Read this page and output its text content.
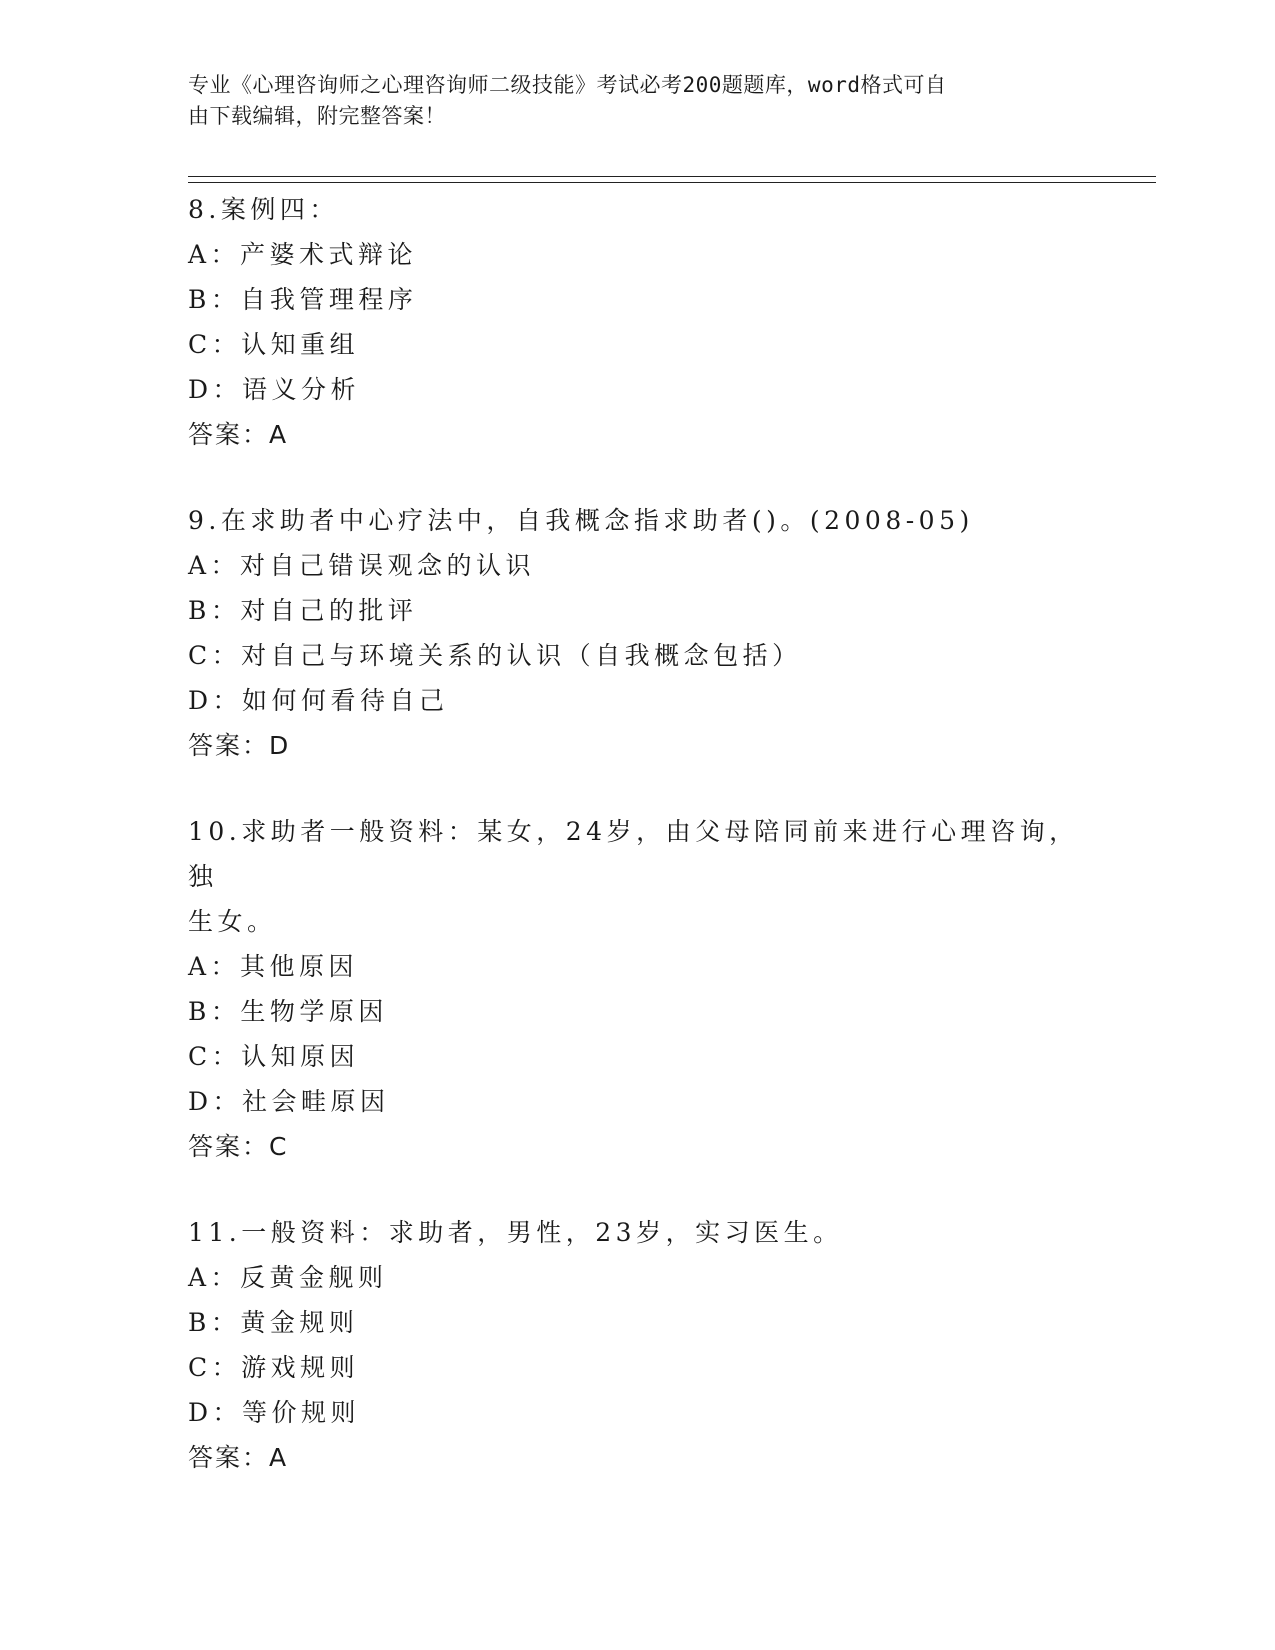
专业《心理咨询师之心理咨询师二级技能》考试必考200题题库，word格式可自
由下载编辑，附完整答案！

8.案例四：

A：产婆术式辩论

B：自我管理程序

C：认知重组

D：语义分析

答案：A

9.在求助者中心疗法中，自我概念指求助者()。(2008-05)

A：对自己错误观念的认识

B：对自己的批评

C：对自己与环境关系的认识（自我概念包括）

D：如何何看待自己

答案：D

10.求助者一般资料：某女，24岁，由父母陪同前来进行心理咨询，独

生女。

A：其他原因

B：生物学原因

C：认知原因

D：社会畦原因

答案：C

11.一般资料：求助者，男性，23岁，实习医生。

A：反黄金舰则

B：黄金规则

C：游戏规则

D：等价规则

答案：A
